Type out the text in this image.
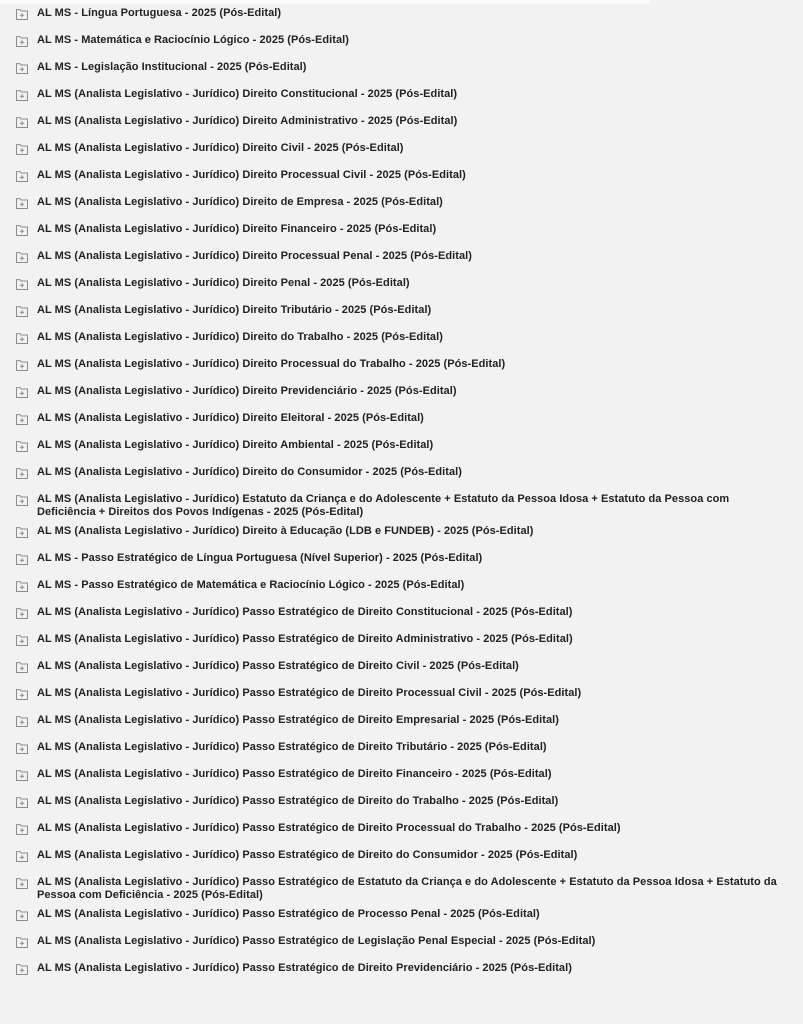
AL MS - Língua Portuguesa - 2025 (Pós-Edital)
AL MS - Matemática e Raciocínio Lógico - 2025 (Pós-Edital)
AL MS - Legislação Institucional - 2025 (Pós-Edital)
AL MS (Analista Legislativo - Jurídico) Direito Constitucional - 2025 (Pós-Edital)
AL MS (Analista Legislativo - Jurídico) Direito Administrativo - 2025 (Pós-Edital)
AL MS (Analista Legislativo - Jurídico) Direito Civil - 2025 (Pós-Edital)
AL MS (Analista Legislativo - Jurídico) Direito Processual Civil - 2025 (Pós-Edital)
AL MS (Analista Legislativo - Jurídico) Direito de Empresa - 2025 (Pós-Edital)
AL MS (Analista Legislativo - Jurídico) Direito Financeiro - 2025 (Pós-Edital)
AL MS (Analista Legislativo - Jurídico) Direito Processual Penal - 2025 (Pós-Edital)
AL MS (Analista Legislativo - Jurídico) Direito Penal - 2025 (Pós-Edital)
AL MS (Analista Legislativo - Jurídico) Direito Tributário - 2025 (Pós-Edital)
AL MS (Analista Legislativo - Jurídico) Direito do Trabalho - 2025 (Pós-Edital)
AL MS (Analista Legislativo - Jurídico) Direito Processual do Trabalho - 2025 (Pós-Edital)
AL MS (Analista Legislativo - Jurídico) Direito Previdenciário - 2025 (Pós-Edital)
AL MS (Analista Legislativo - Jurídico) Direito Eleitoral - 2025 (Pós-Edital)
AL MS (Analista Legislativo - Jurídico) Direito Ambiental - 2025 (Pós-Edital)
AL MS (Analista Legislativo - Jurídico) Direito do Consumidor - 2025 (Pós-Edital)
AL MS (Analista Legislativo - Jurídico) Estatuto da Criança e do Adolescente + Estatuto da Pessoa Idosa + Estatuto da Pessoa com Deficiência + Direitos dos Povos Indígenas - 2025 (Pós-Edital)
AL MS (Analista Legislativo - Jurídico) Direito à Educação (LDB e FUNDEB) - 2025 (Pós-Edital)
AL MS - Passo Estratégico de Língua Portuguesa (Nível Superior) - 2025 (Pós-Edital)
AL MS - Passo Estratégico de Matemática e Raciocínio Lógico - 2025 (Pós-Edital)
AL MS (Analista Legislativo - Jurídico) Passo Estratégico de Direito Constitucional - 2025 (Pós-Edital)
AL MS (Analista Legislativo - Jurídico) Passo Estratégico de Direito Administrativo - 2025 (Pós-Edital)
AL MS (Analista Legislativo - Jurídico) Passo Estratégico de Direito Civil - 2025 (Pós-Edital)
AL MS (Analista Legislativo - Jurídico) Passo Estratégico de Direito Processual Civil - 2025 (Pós-Edital)
AL MS (Analista Legislativo - Jurídico) Passo Estratégico de Direito Empresarial - 2025 (Pós-Edital)
AL MS (Analista Legislativo - Jurídico) Passo Estratégico de Direito Tributário - 2025 (Pós-Edital)
AL MS (Analista Legislativo - Jurídico) Passo Estratégico de Direito Financeiro - 2025 (Pós-Edital)
AL MS (Analista Legislativo - Jurídico) Passo Estratégico de Direito do Trabalho - 2025 (Pós-Edital)
AL MS (Analista Legislativo - Jurídico) Passo Estratégico de Direito Processual do Trabalho - 2025 (Pós-Edital)
AL MS (Analista Legislativo - Jurídico) Passo Estratégico de Direito do Consumidor - 2025 (Pós-Edital)
AL MS (Analista Legislativo - Jurídico) Passo Estratégico de Estatuto da Criança e do Adolescente + Estatuto da Pessoa Idosa + Estatuto da Pessoa com Deficiência - 2025 (Pós-Edital)
AL MS (Analista Legislativo - Jurídico) Passo Estratégico de Processo Penal - 2025 (Pós-Edital)
AL MS (Analista Legislativo - Jurídico) Passo Estratégico de Legislação Penal Especial - 2025 (Pós-Edital)
AL MS (Analista Legislativo - Jurídico) Passo Estratégico de Direito Previdenciário - 2025 (Pós-Edital)
